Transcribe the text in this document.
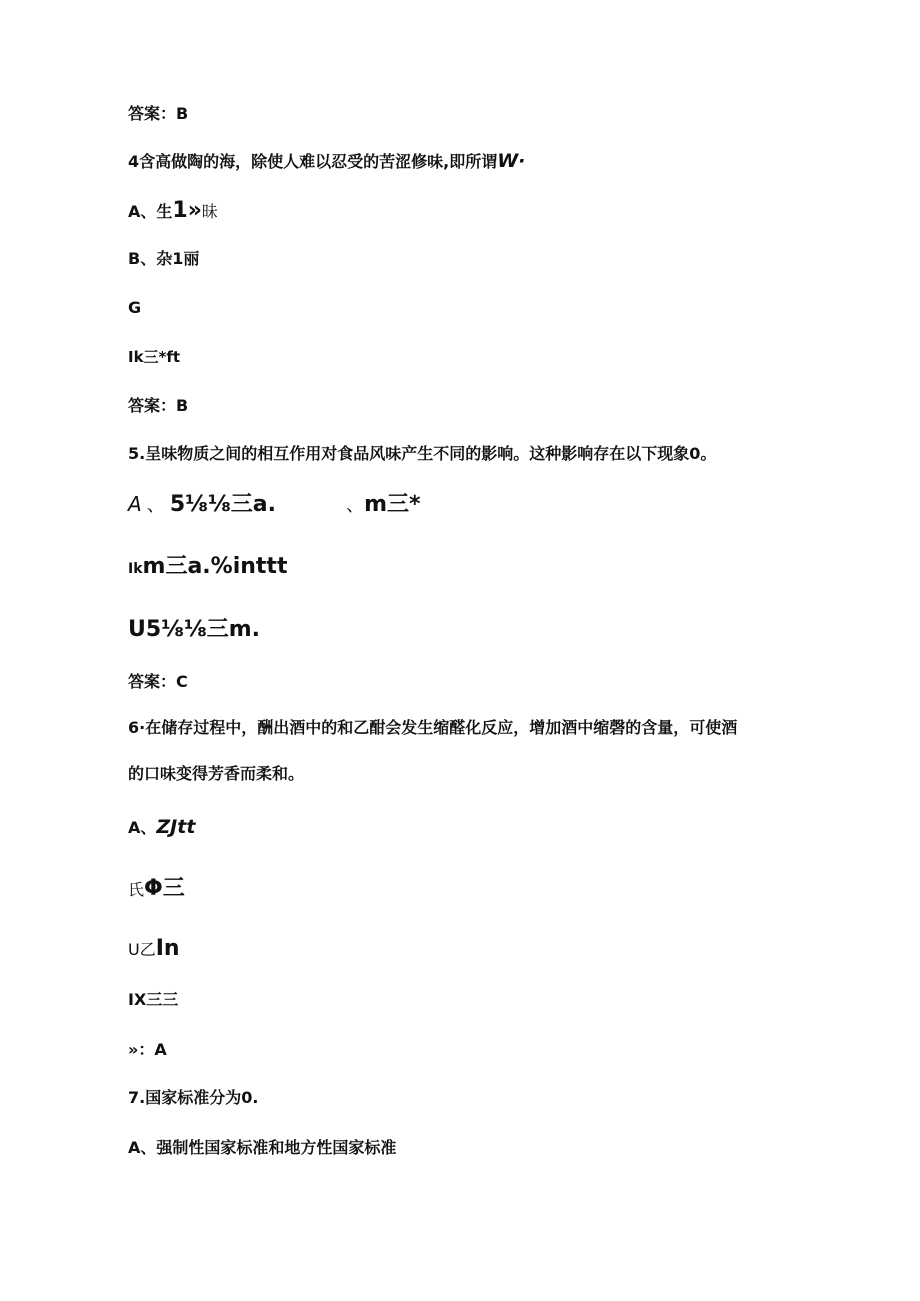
答案：B
4含高做陶的海，除使人难以忍受的苦涩修味,即所谓W·
A、生1»昧
B、杂1丽
G
Ik三*ft
答案：B
5.呈味物质之间的相互作用对食品风味产生不同的影响。这种影响存在以下现象0。
A 、 5⅛⅛三a.	、m三*
Ikm三a.%inttt
U5⅛⅛三m.
答案：C
6·在储存过程中，酬出酒中的和乙酣会发生缩醛化反应，增加酒中缩磬的含量，可使酒
的口味变得芳香而柔和。
A、ZJtt
氏Φ三
U乙In
IX三三
»：A
7.国家标准分为0.
A、强制性国家标准和地方性国家标准
